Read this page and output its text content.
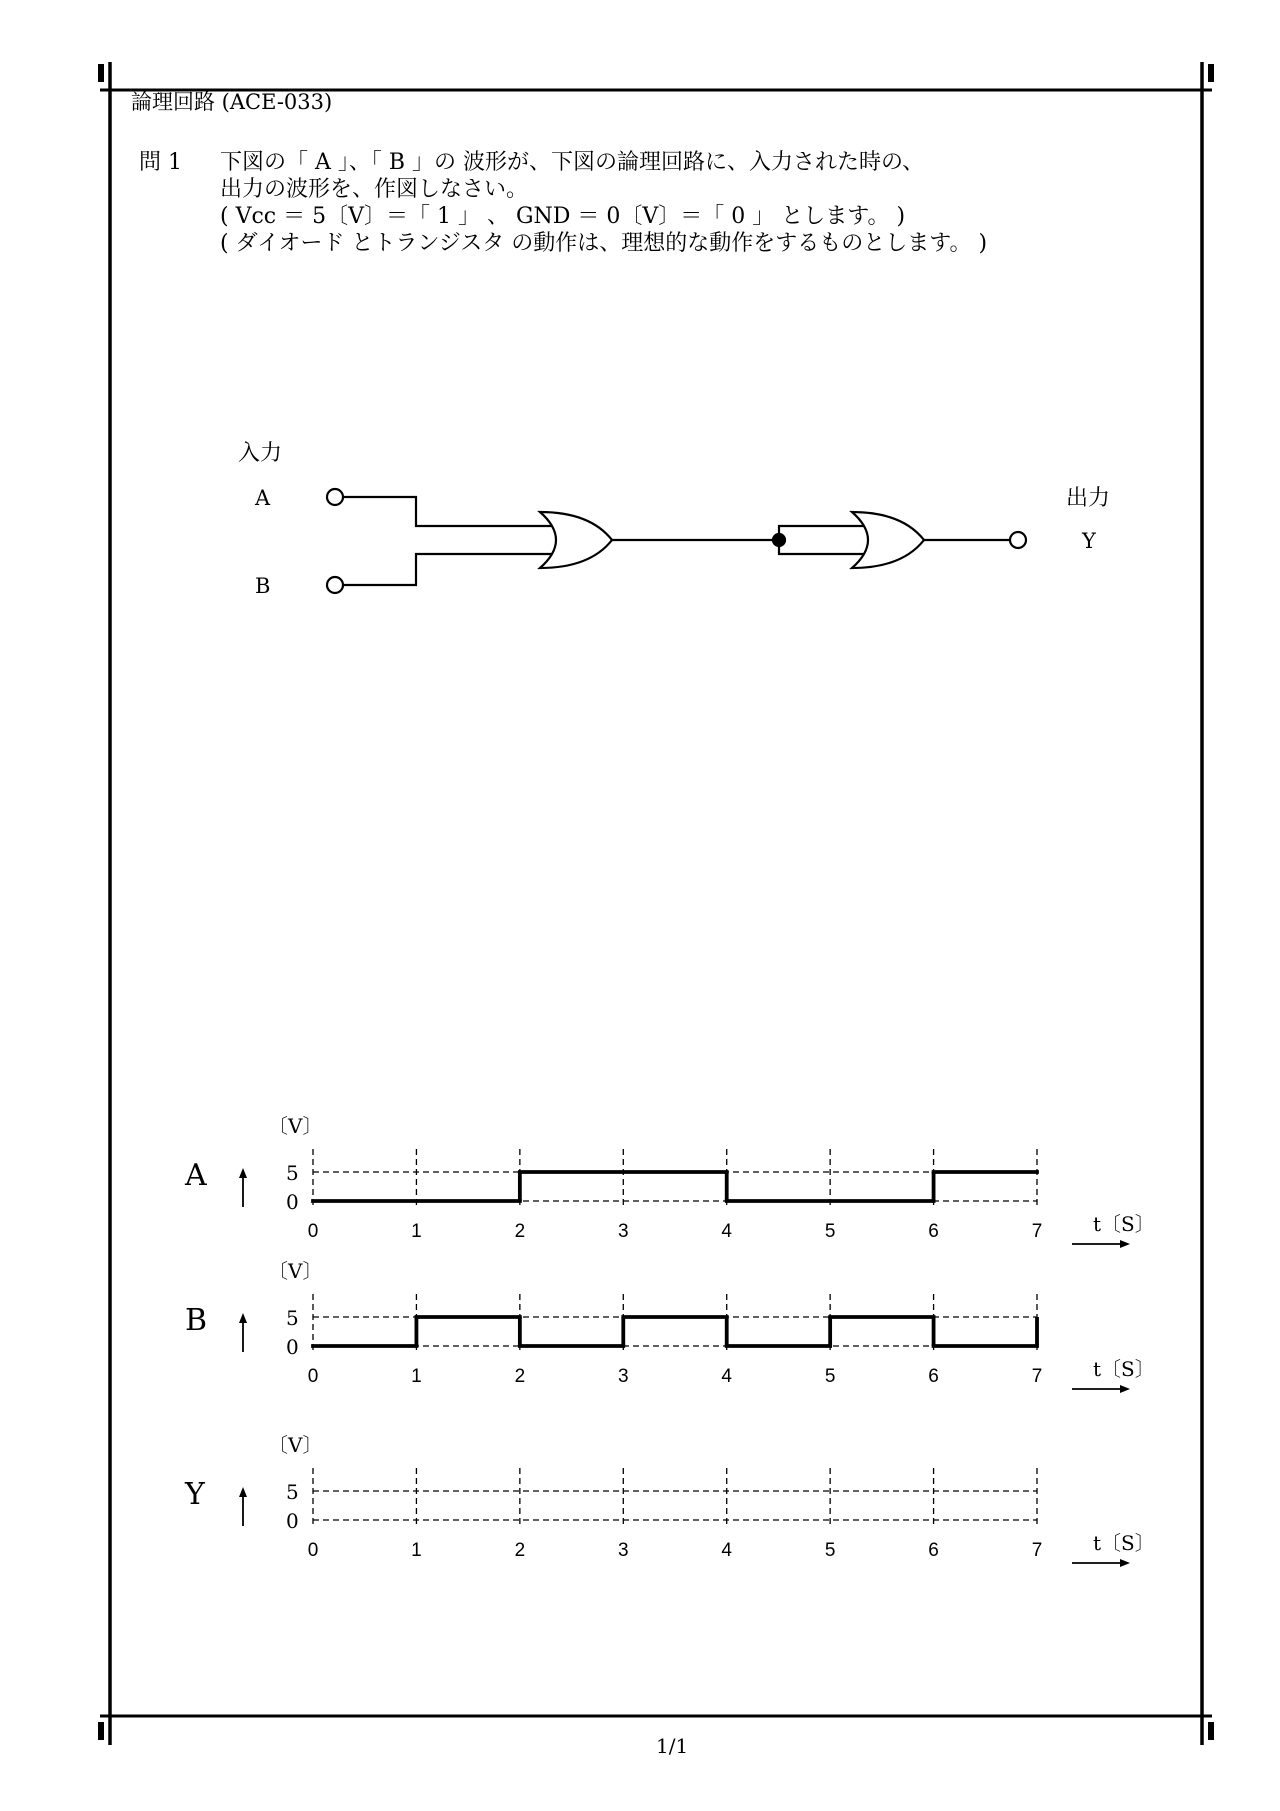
入力
出力
A
B
Y
A
〔V〕
5
0
0	1	2	3	4	5	6	7	t〔S〕
B
〔V〕
5
0
0	1	2	3	4	5	6	7	t〔S〕
Y
〔V〕
5
0
0	1	2	3	4	5	6	7	t〔S〕
論理回路 (ACE-033)
問 1 下図の「 A 」、「 B 」の 波形が、下図の論理回路に、入力された時の、
出力の波形を、作図しなさい。
( Vcc ＝ 5〔V〕＝「 1 」 、 GND ＝ 0〔V〕＝「 0 」 とします。 )
( ダイオード とトランジスタ の動作は、理想的な動作をするものとします。 )
1/1
